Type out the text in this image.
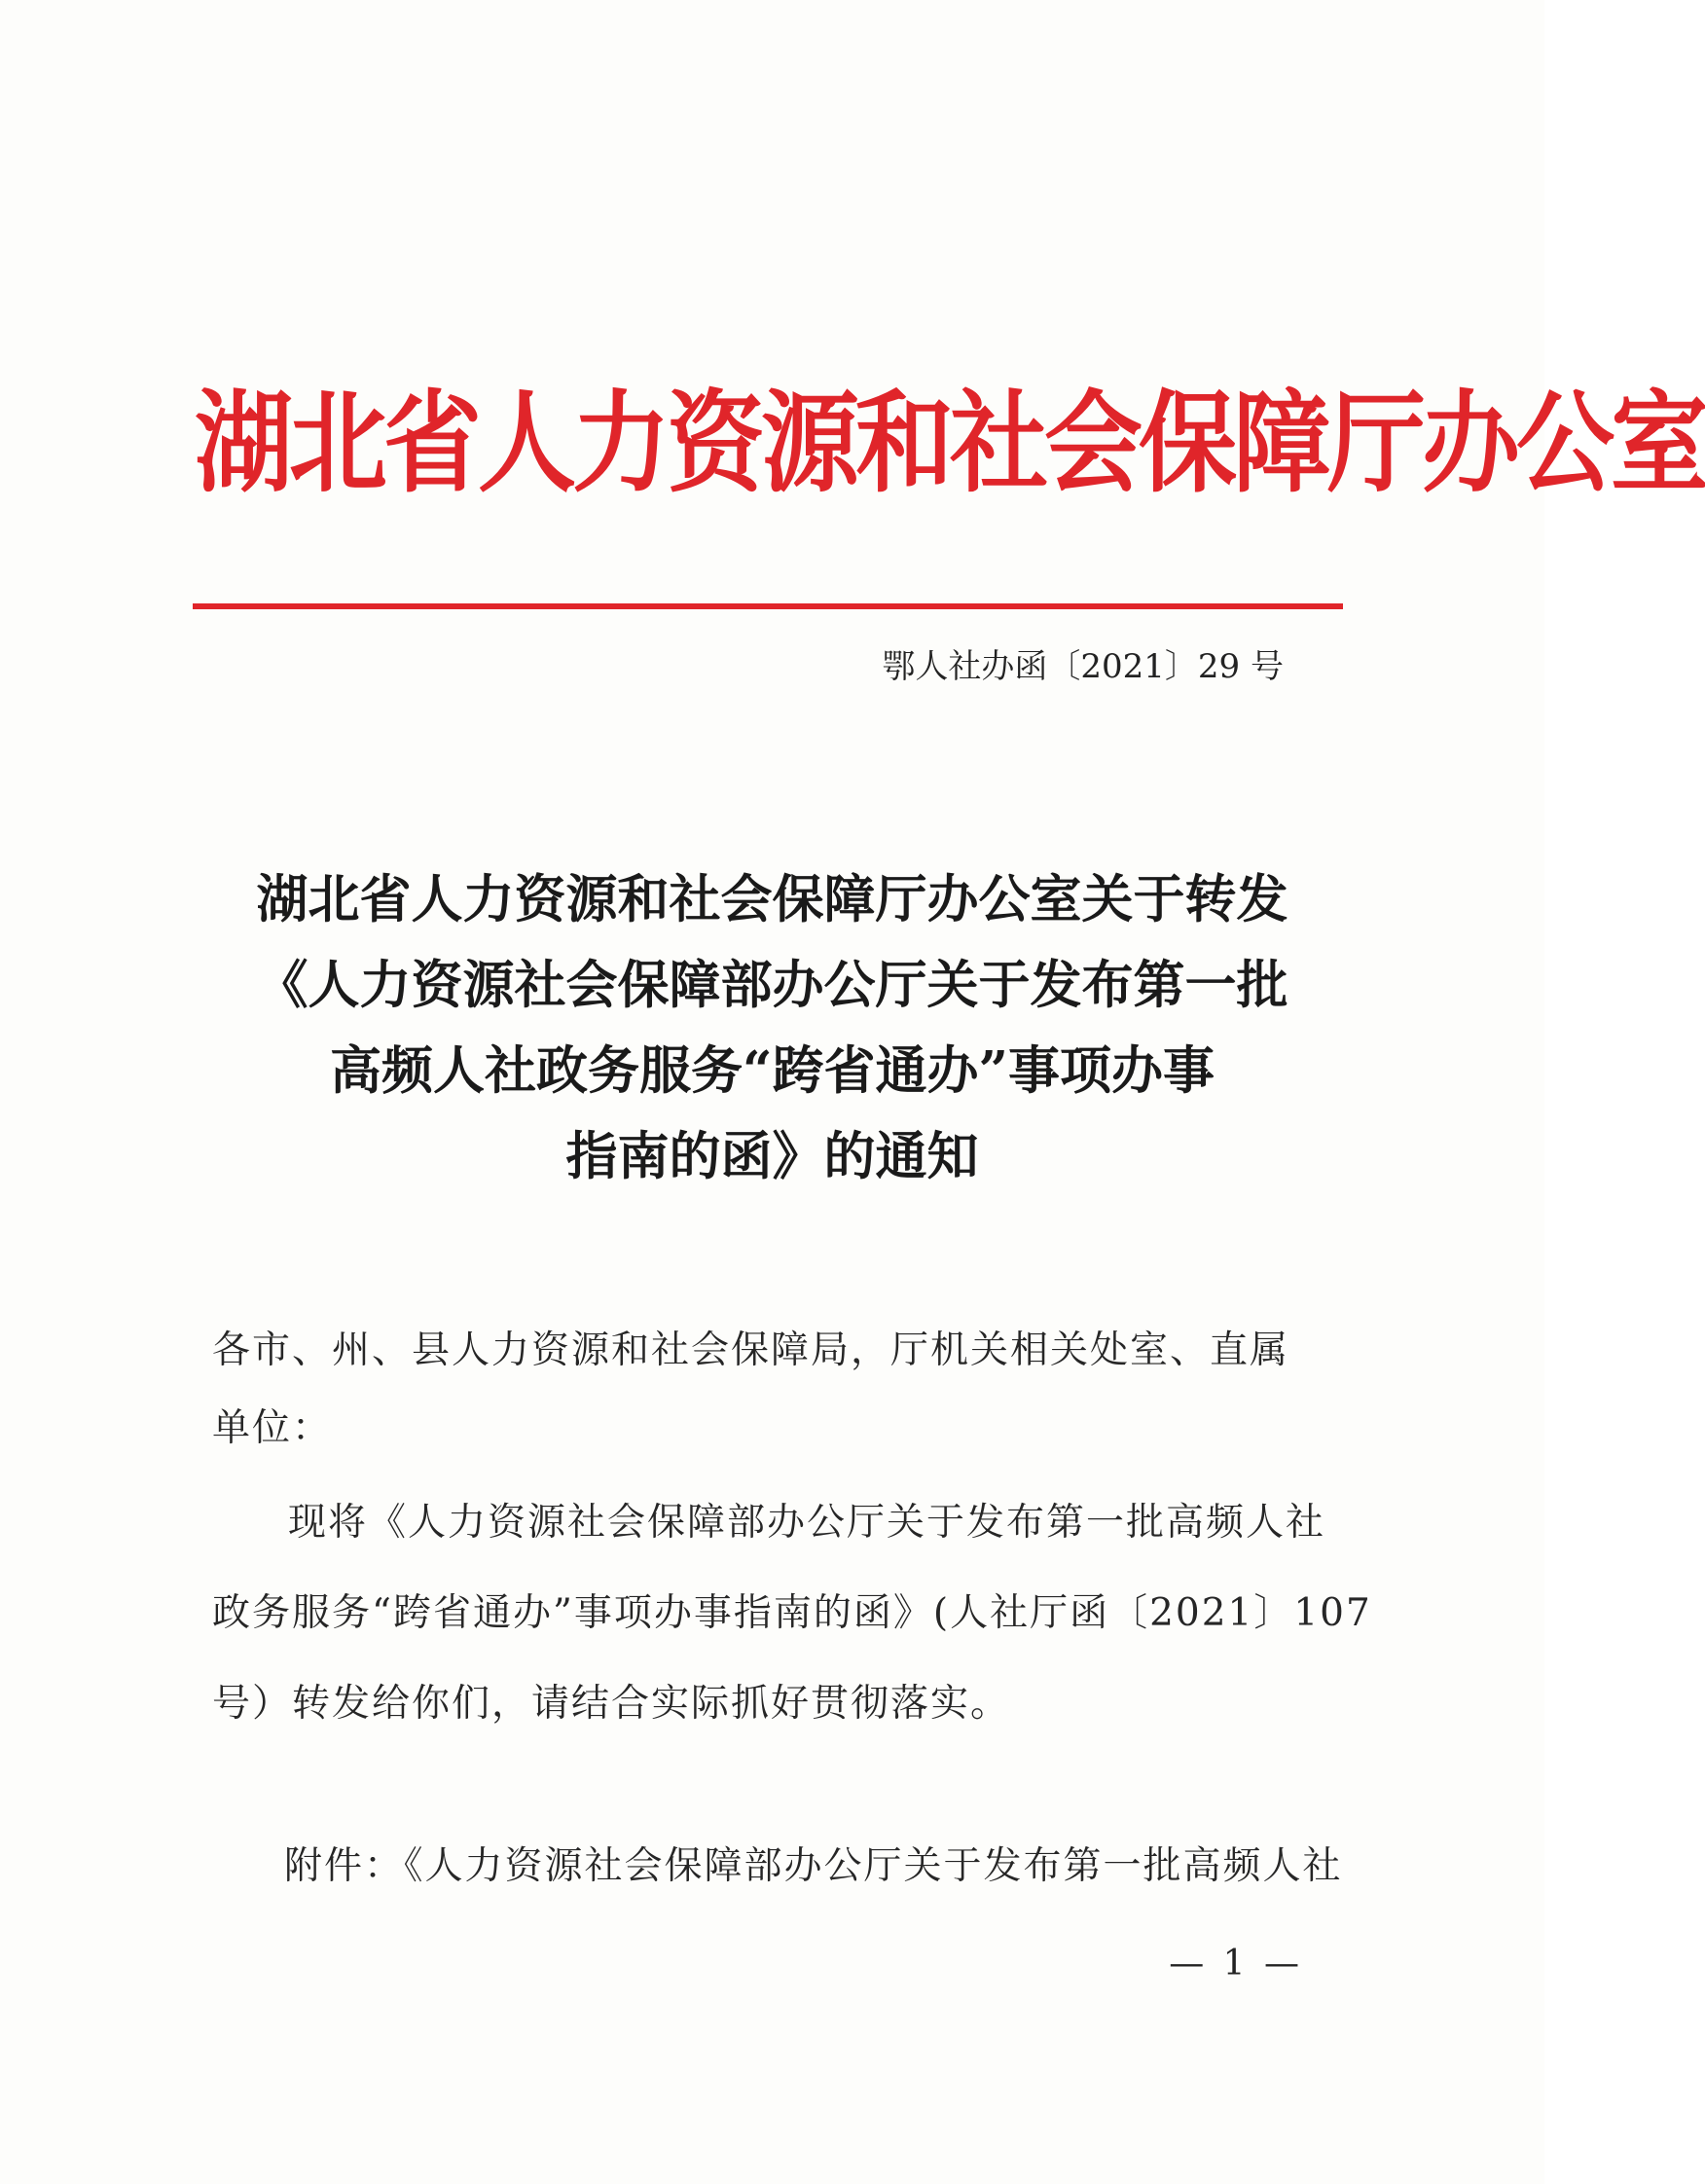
湖北省人力资源和社会保障厅办公室
鄂人社办函〔2021〕29 号
湖北省人力资源和社会保障厅办公室关于转发
《人力资源社会保障部办公厅关于发布第一批
高频人社政务服务“跨省通办”事项办事
指南的函》的通知
各市、州、县人力资源和社会保障局，厅机关相关处室、直属
单位：
现将《人力资源社会保障部办公厅关于发布第一批高频人社
政务服务“跨省通办”事项办事指南的函》(人社厅函〔2021〕107
号）转发给你们，请结合实际抓好贯彻落实。
附件：《人力资源社会保障部办公厅关于发布第一批高频人社
— 1 —
